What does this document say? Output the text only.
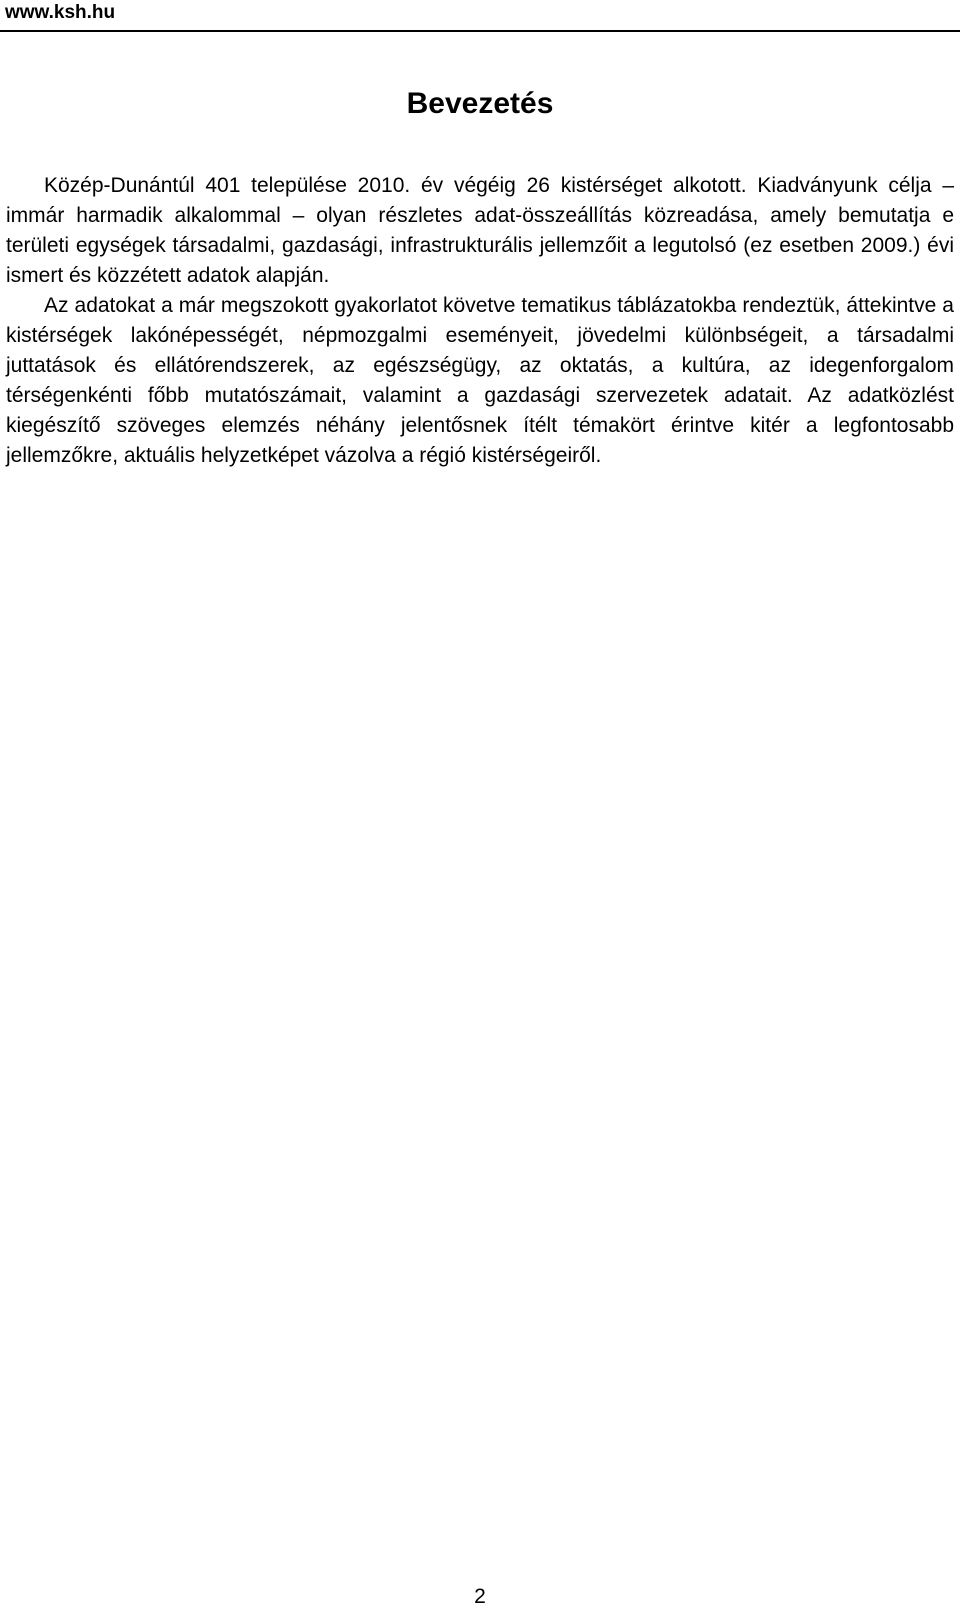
www.ksh.hu
Bevezetés

Közép-Dunántúl 401 települése 2010. év végéig 26 kistérséget alkotott. Kiadványunk célja – immár harmadik alkalommal – olyan részletes adat-összeállítás közreadása, amely bemutatja e területi egységek társadalmi, gazdasági, infrastrukturális jellemzőit a legutolsó (ez esetben 2009.) évi ismert és közzétett adatok alapján.

Az adatokat a már megszokott gyakorlatot követve tematikus táblázatokba rendeztük, áttekintve a kistérségek lakónépességét, népmozgalmi eseményeit, jövedelmi különbségeit, a társadalmi juttatások és ellátórendszerek, az egészségügy, az oktatás, a kultúra, az idegenforgalom térségenkénti főbb mutatószámait, valamint a gazdasági szervezetek adatait. Az adatközlést kiegészítő szöveges elemzés néhány jelentősnek ítélt témakört érintve kitér a legfontosabb jellemzőkre, aktuális helyzetképet vázolva a régió kistérségeiről.

2
